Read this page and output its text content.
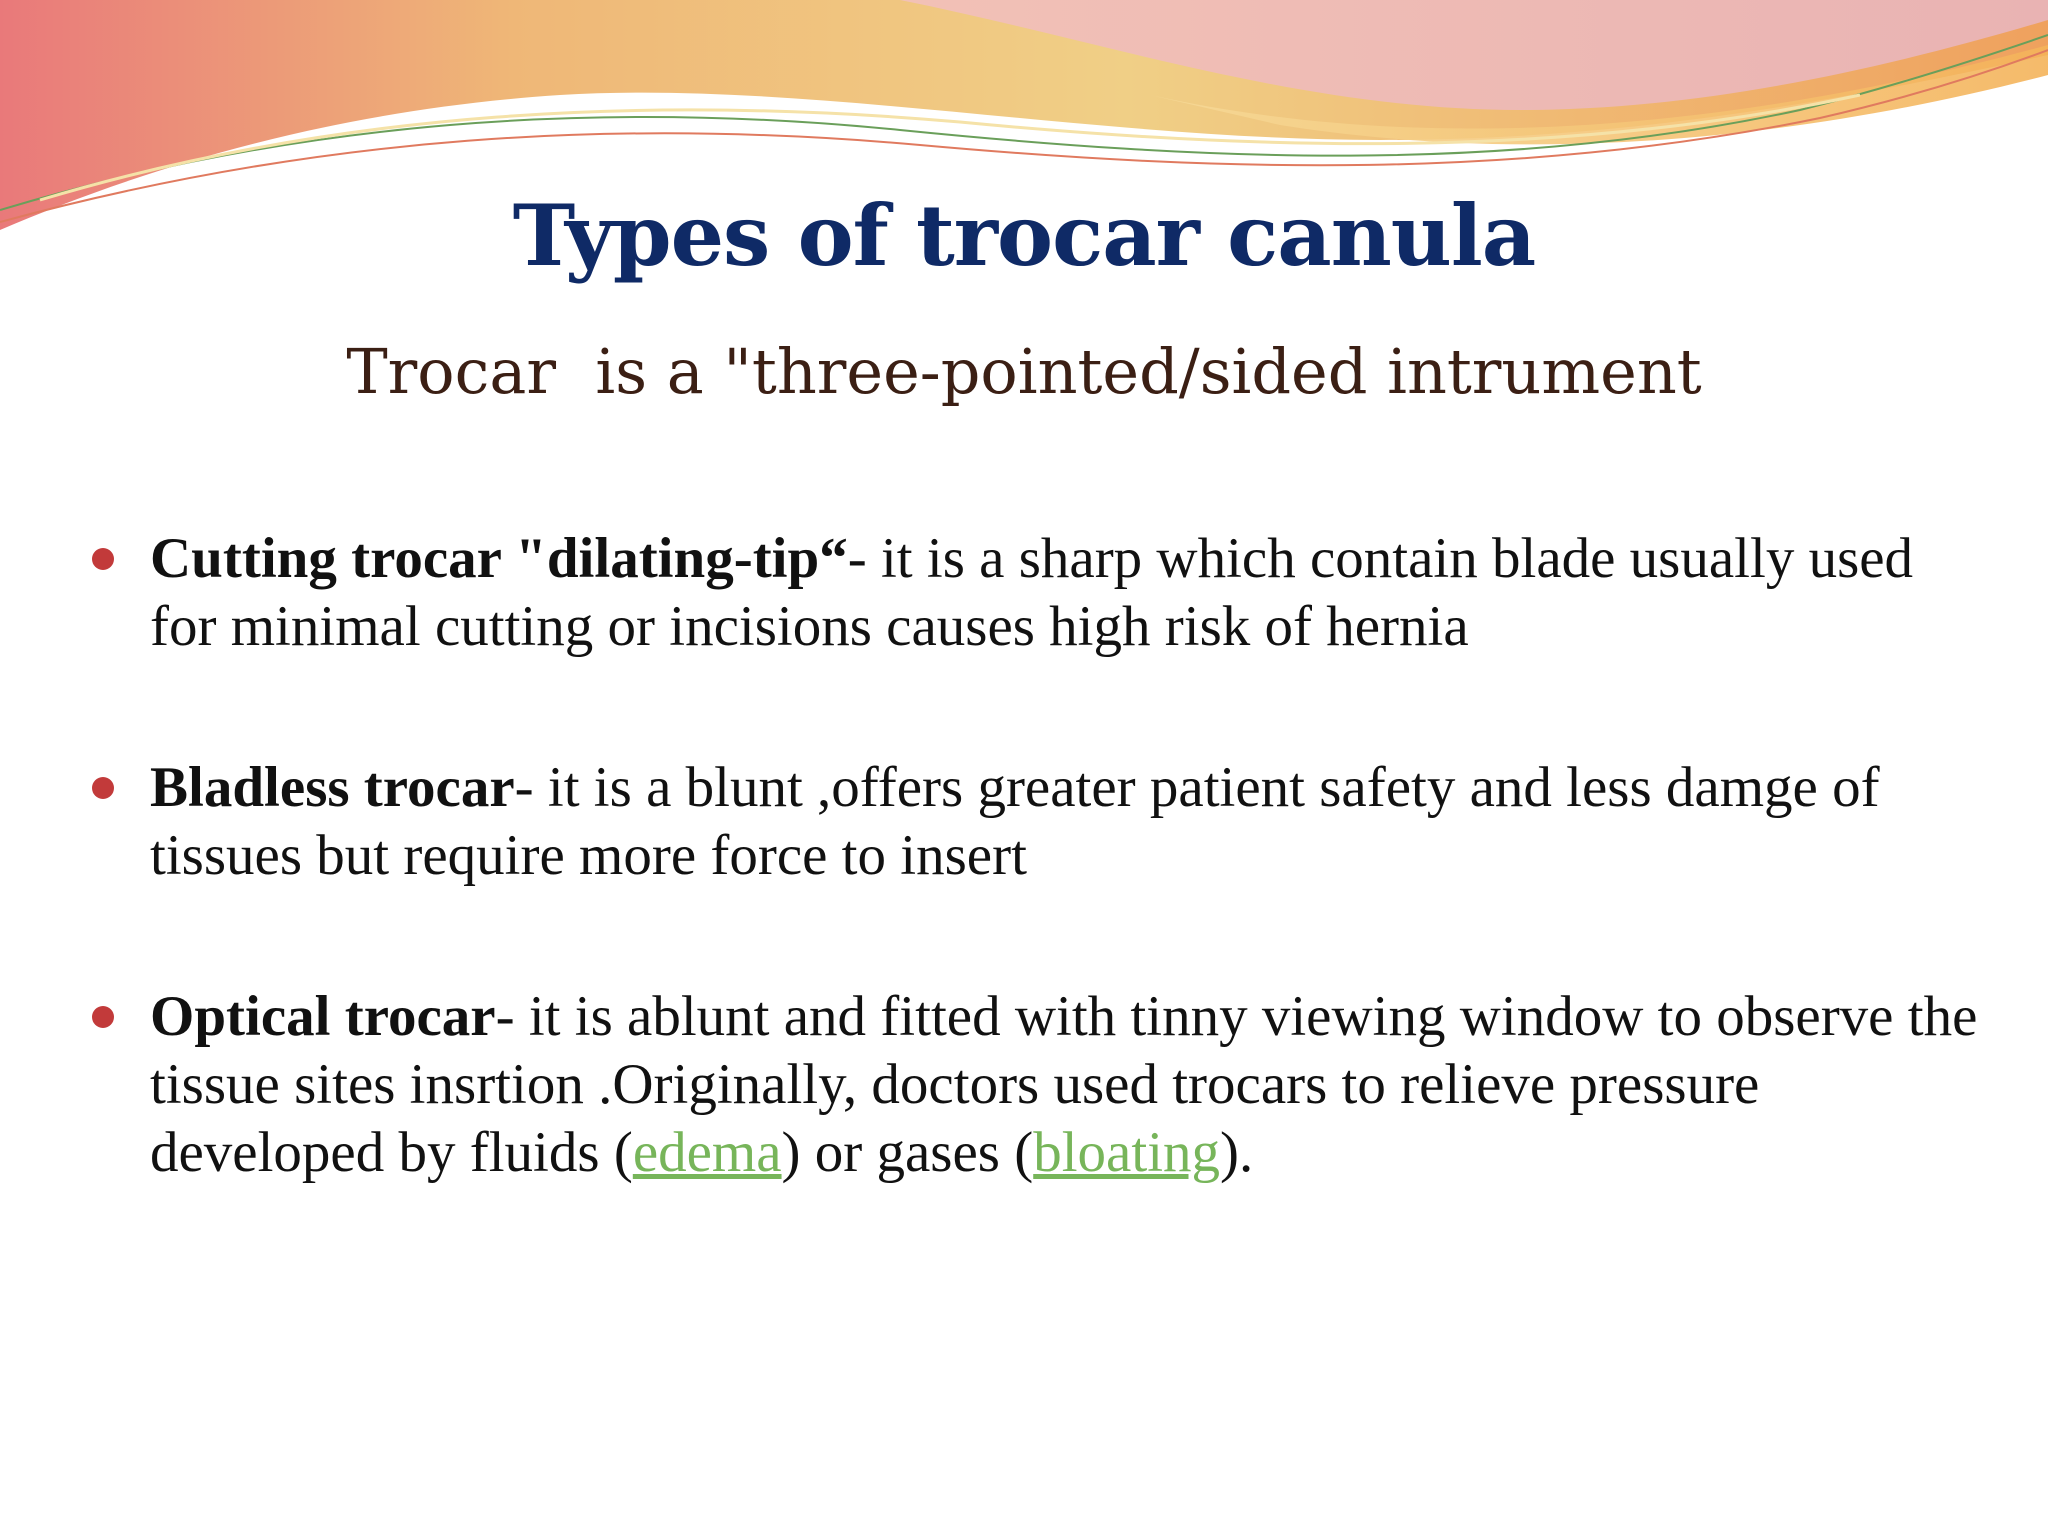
Types of trocar canula

Trocar  is a "three-pointed/sided intrument

Cutting trocar "dilating-tip“- it is a sharp which contain blade usually used for minimal cutting or incisions causes high risk of hernia
Bladless trocar- it is a blunt ,offers greater patient safety and less damge of tissues but require more force to insert
Optical trocar- it is ablunt and fitted with tinny viewing window to observe the tissue sites insrtion .Originally, doctors used trocars to relieve pressure developed by fluids (edema) or gases (bloating).
